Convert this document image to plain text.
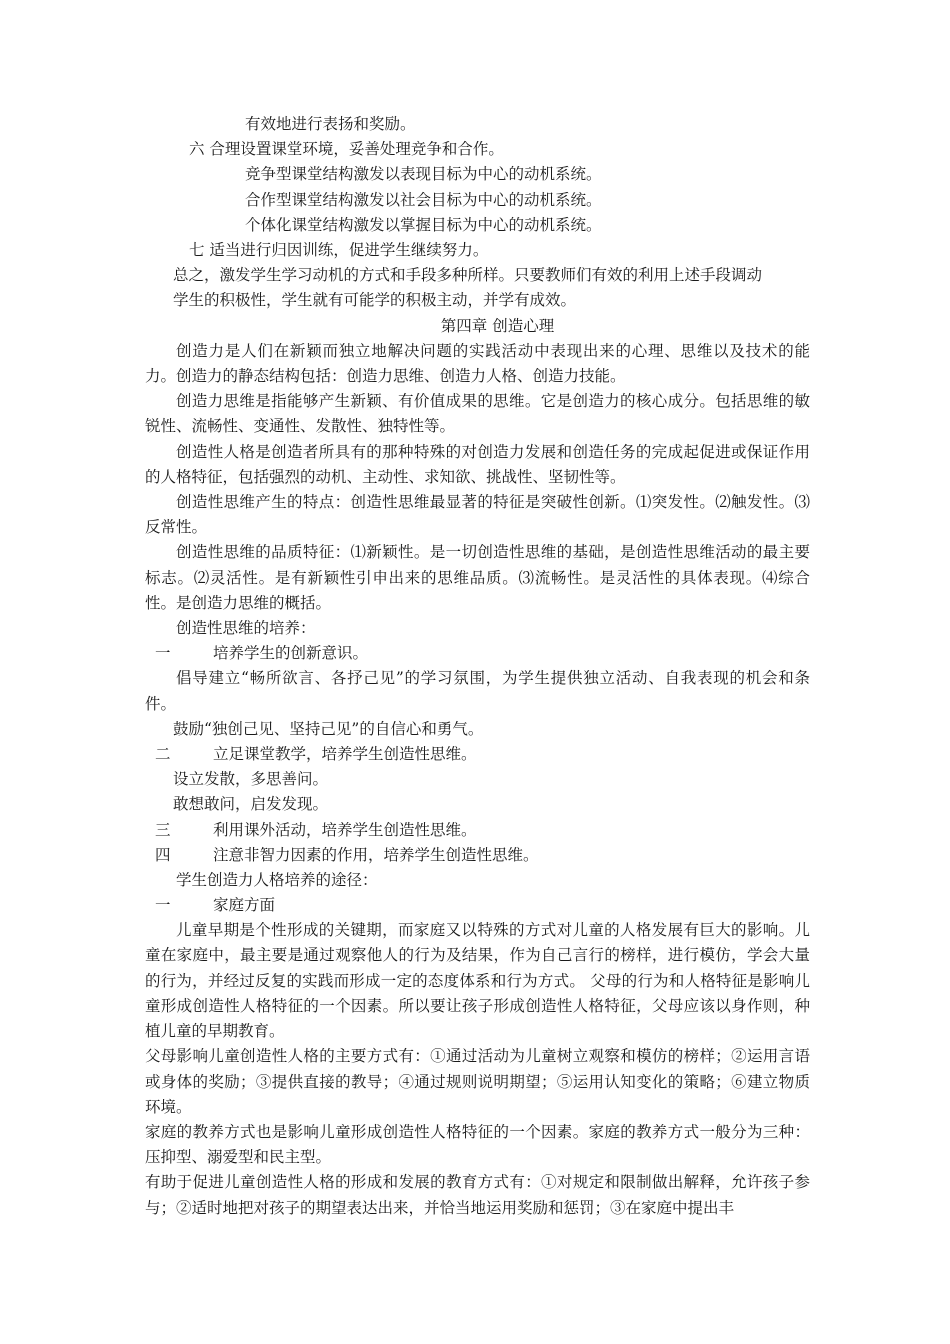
有效地进行表扬和奖励。
六 合理设置课堂环境，妥善处理竞争和合作。
竞争型课堂结构激发以表现目标为中心的动机系统。
合作型课堂结构激发以社会目标为中心的动机系统。
个体化课堂结构激发以掌握目标为中心的动机系统。
七 适当进行归因训练，促进学生继续努力。
总之，激发学生学习动机的方式和手段多种所样。只要教师们有效的利用上述手段调动
学生的积极性，学生就有可能学的积极主动，并学有成效。
第四章 创造心理

创造力是人们在新颖而独立地解决问题的实践活动中表现出来的心理、思维以及技术的能力。创造力的静态结构包括：创造力思维、创造力人格、创造力技能。

创造力思维是指能够产生新颖、有价值成果的思维。它是创造力的核心成分。包括思维的敏锐性、流畅性、变通性、发散性、独特性等。

创造性人格是创造者所具有的那种特殊的对创造力发展和创造任务的完成起促进或保证作用的人格特征，包括强烈的动机、主动性、求知欲、挑战性、坚韧性等。

创造性思维产生的特点：创造性思维最显著的特征是突破性创新。⑴突发性。⑵触发性。⑶反常性。

创造性思维的品质特征：⑴新颖性。是一切创造性思维的基础，是创造性思维活动的最主要标志。⑵灵活性。是有新颖性引申出来的思维品质。⑶流畅性。是灵活性的具体表现。⑷综合性。是创造力思维的概括。

创造性思维的培养：

一	培养学生的创新意识。

倡导建立“畅所欲言、各抒己见”的学习氛围，为学生提供独立活动、自我表现的机会和条件。

鼓励“独创己见、坚持己见”的自信心和勇气。

二	立足课堂教学，培养学生创造性思维。

设立发散，多思善问。

敢想敢问，启发发现。

三	利用课外活动，培养学生创造性思维。
四	注意非智力因素的作用，培养学生创造性思维。

学生创造力人格培养的途径：

一	家庭方面

儿童早期是个性形成的关键期，而家庭又以特殊的方式对儿童的人格发展有巨大的影响。儿童在家庭中，最主要是通过观察他人的行为及结果，作为自己言行的榜样，进行模仿，学会大量的行为，并经过反复的实践而形成一定的态度体系和行为方式。 父母的行为和人格特征是影响儿童形成创造性人格特征的一个因素。所以要让孩子形成创造性人格特征，父母应该以身作则，种植儿童的早期教育。

父母影响儿童创造性人格的主要方式有：①通过活动为儿童树立观察和模仿的榜样；②运用言语或身体的奖励；③提供直接的教导；④通过规则说明期望；⑤运用认知变化的策略；⑥建立物质环境。

家庭的教养方式也是影响儿童形成创造性人格特征的一个因素。家庭的教养方式一般分为三种：压抑型、溺爱型和民主型。

有助于促进儿童创造性人格的形成和发展的教育方式有：①对规定和限制做出解释，允许孩子参与；②适时地把对孩子的期望表达出来，并恰当地运用奖励和惩罚；③在家庭中提出丰
